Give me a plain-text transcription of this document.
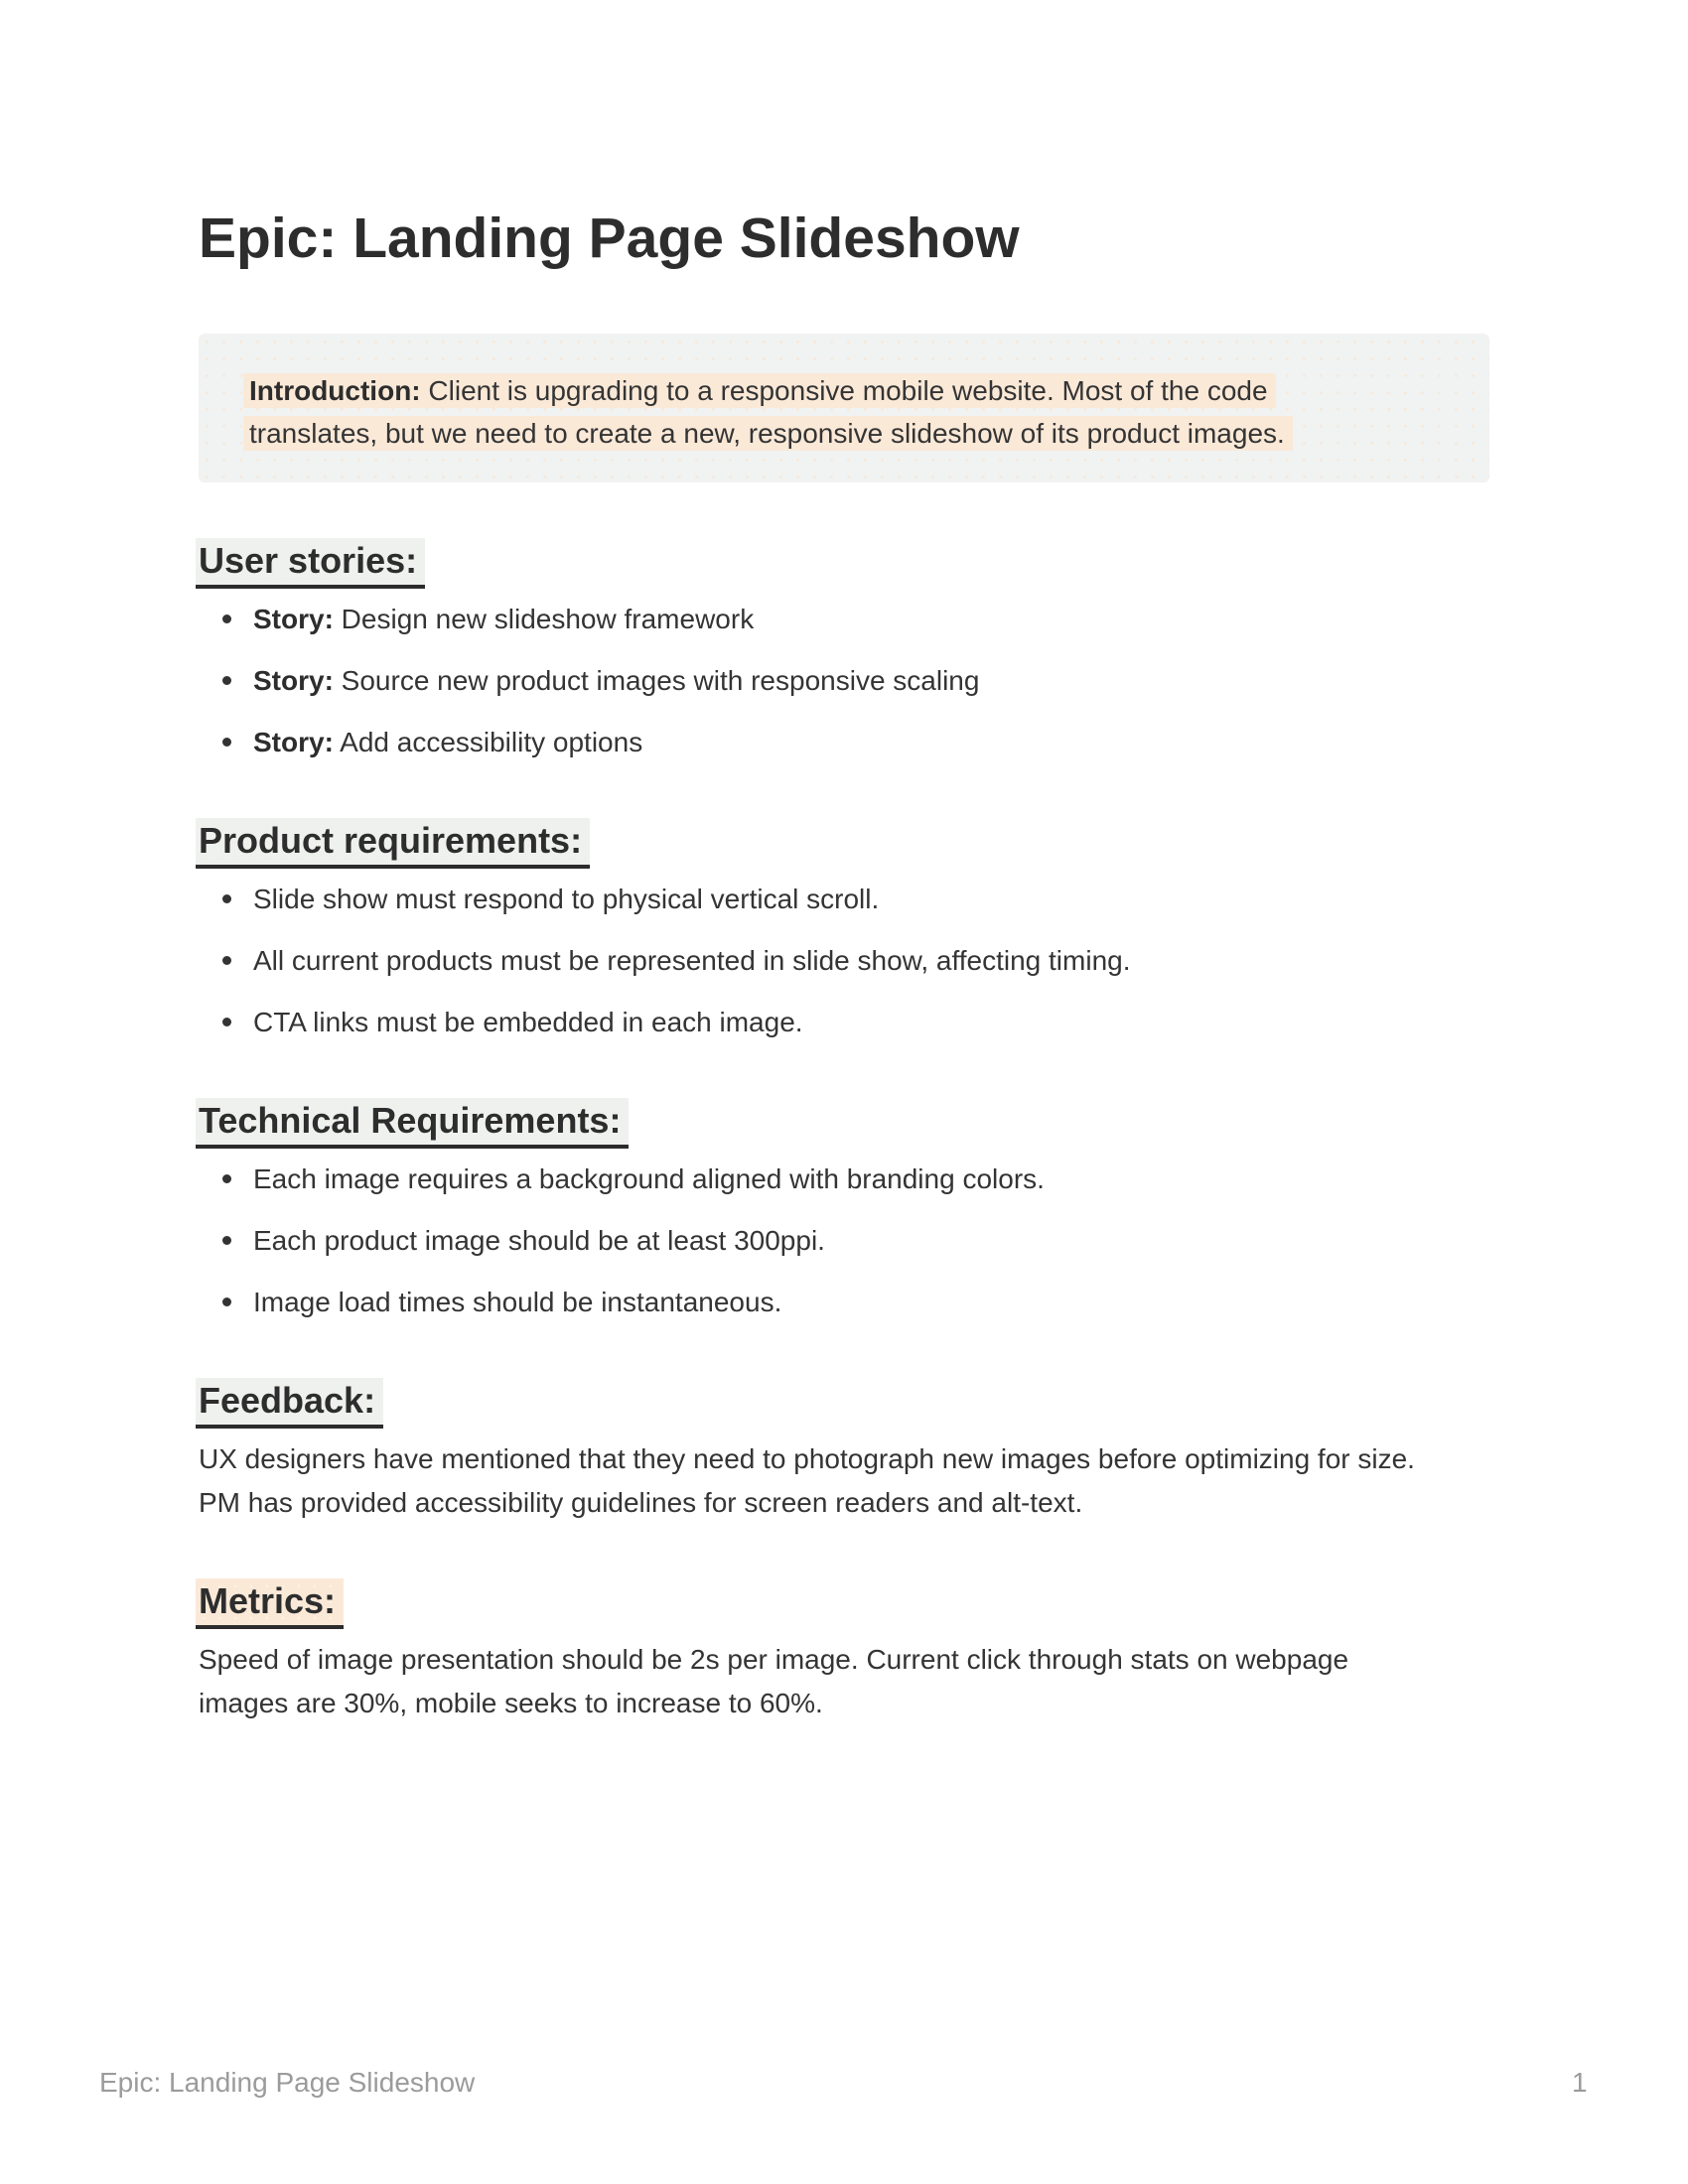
Epic: Landing Page Slideshow
Introduction: Client is upgrading to a responsive mobile website. Most of the code
translates, but we need to create a new, responsive slideshow of its product images.
User stories:
Story: Design new slideshow framework
Story: Source new product images with responsive scaling
Story: Add accessibility options
Product requirements:
Slide show must respond to physical vertical scroll.
All current products must be represented in slide show, affecting timing.
CTA links must be embedded in each image.
Technical Requirements:
Each image requires a background aligned with branding colors.
Each product image should be at least 300ppi.
Image load times should be instantaneous.
Feedback:

UX designers have mentioned that they need to photograph new images before optimizing for size.  PM has provided accessibility guidelines for screen readers and alt-text.

Metrics:

Speed of image presentation should be 2s per image. Current click through stats on webpage images are 30%, mobile seeks to increase to 60%.

Epic: Landing Page Slideshow	1
